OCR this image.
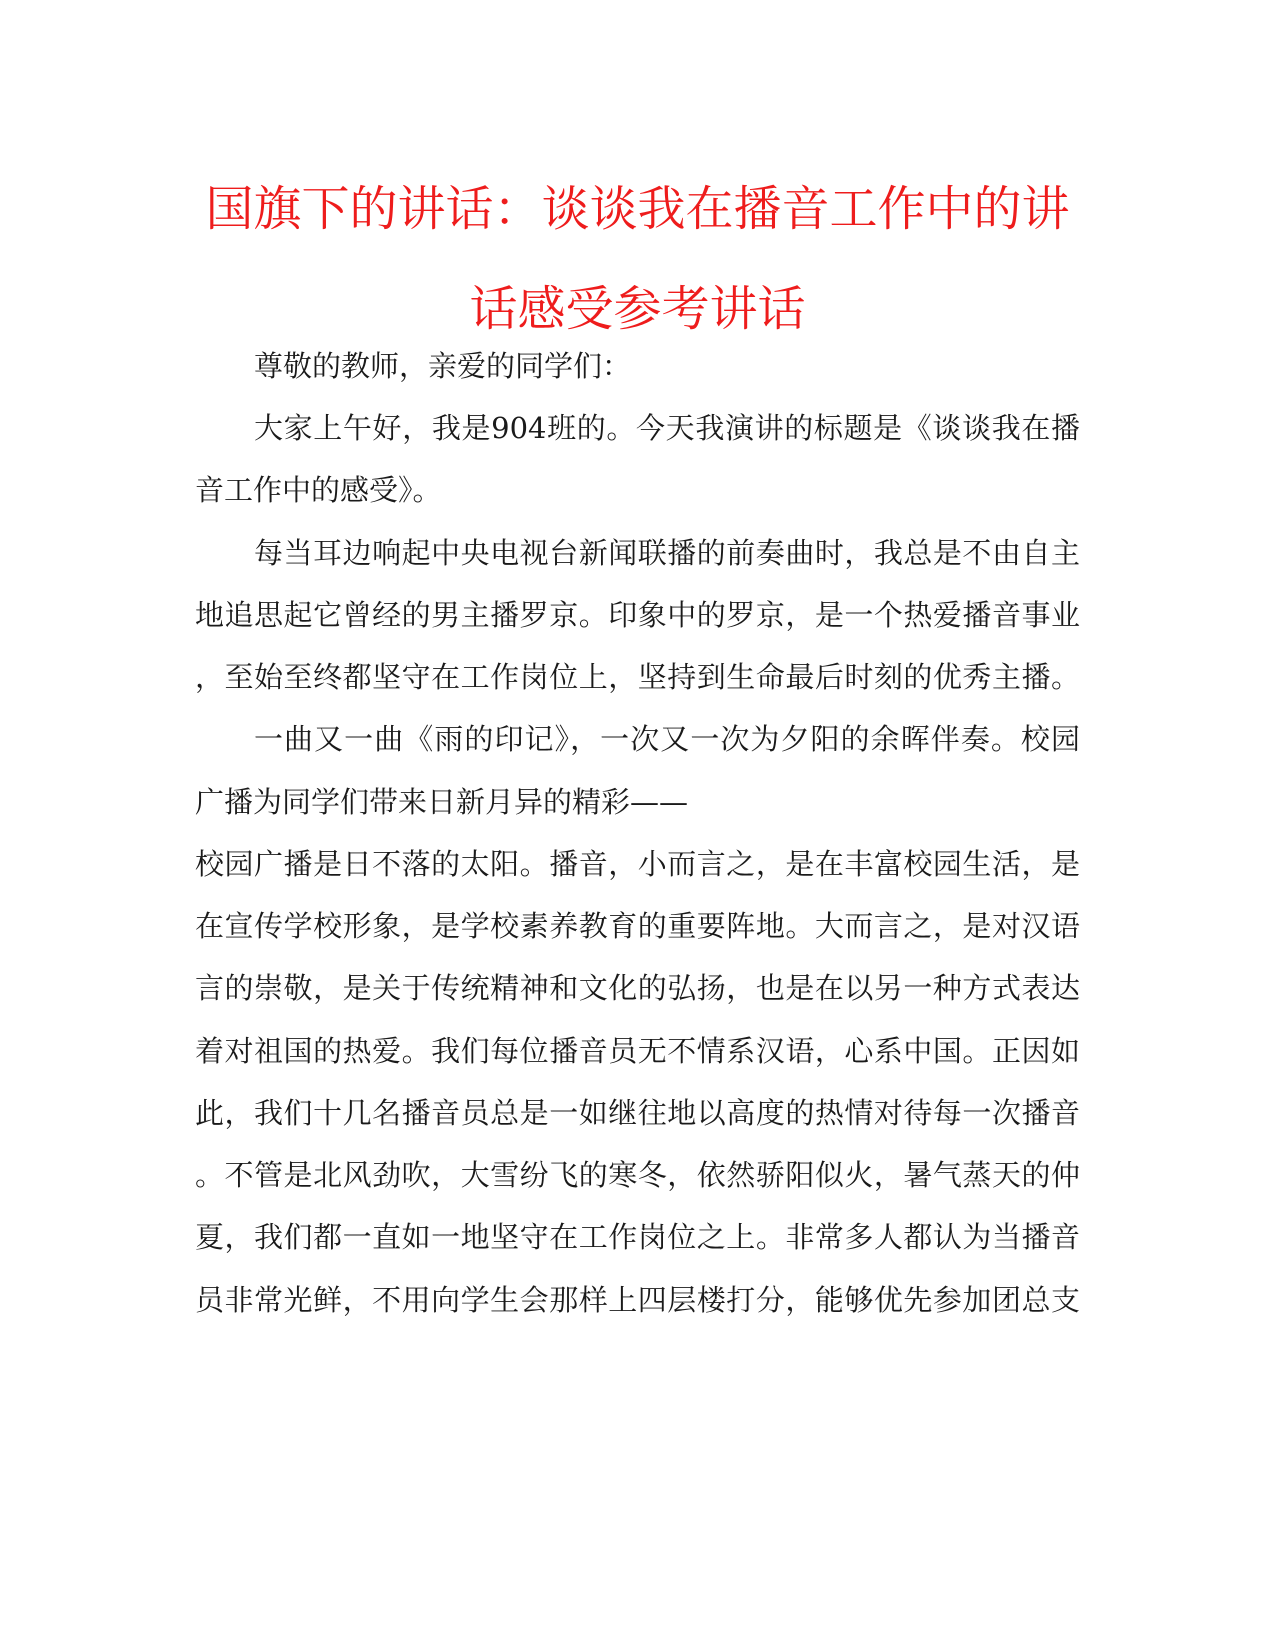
国旗下的讲话：谈谈我在播音工作中的讲
话感受参考讲话
尊敬的教师，亲爱的同学们：
大家上午好，我是904班的。今天我演讲的标题是《谈谈我在播
音工作中的感受》。
每当耳边响起中央电视台新闻联播的前奏曲时，我总是不由自主
地追思起它曾经的男主播罗京。印象中的罗京，是一个热爱播音事业
，至始至终都坚守在工作岗位上，坚持到生命最后时刻的优秀主播。
一曲又一曲《雨的印记》，一次又一次为夕阳的余晖伴奏。校园
广播为同学们带来日新月异的精彩——
校园广播是日不落的太阳。播音，小而言之，是在丰富校园生活，是
在宣传学校形象，是学校素养教育的重要阵地。大而言之，是对汉语
言的崇敬，是关于传统精神和文化的弘扬，也是在以另一种方式表达
着对祖国的热爱。我们每位播音员无不情系汉语，心系中国。正因如
此，我们十几名播音员总是一如继往地以高度的热情对待每一次播音
。不管是北风劲吹，大雪纷飞的寒冬，依然骄阳似火，暑气蒸天的仲
夏，我们都一直如一地坚守在工作岗位之上。非常多人都认为当播音
员非常光鲜，不用向学生会那样上四层楼打分，能够优先参加团总支
